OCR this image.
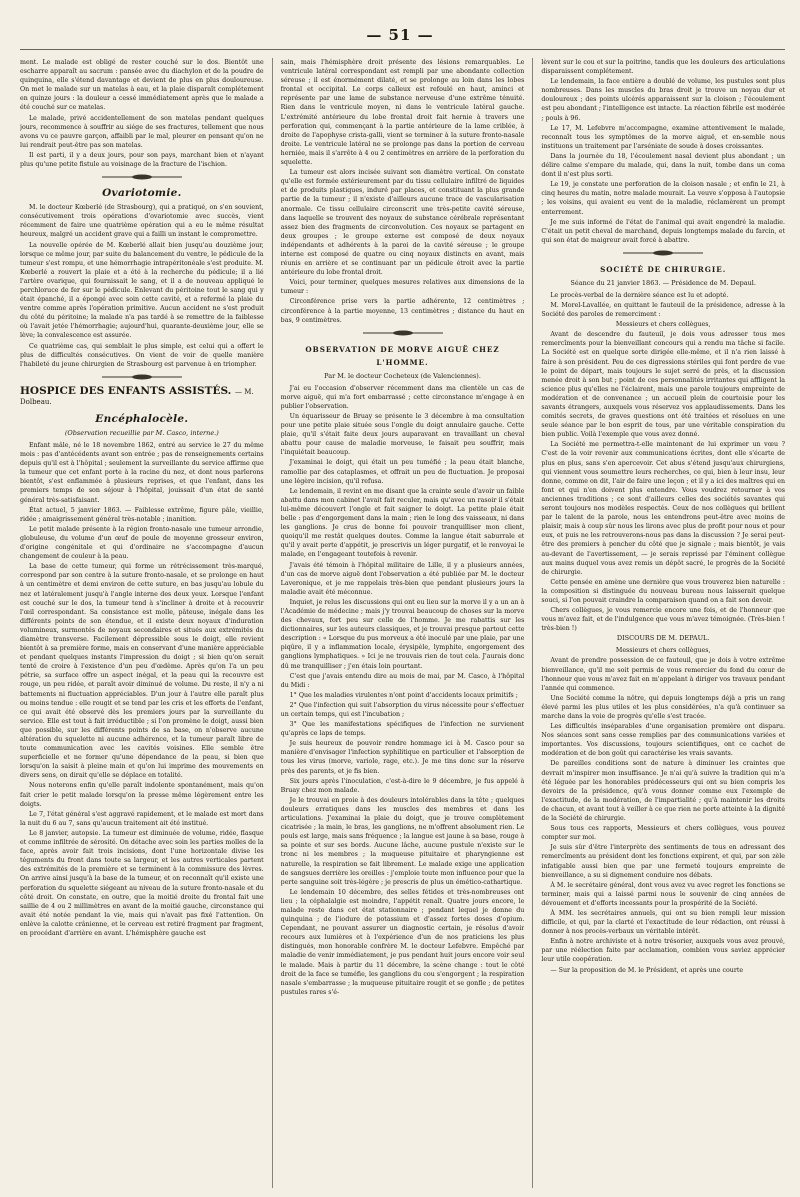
— 51 —

ment. Le malade est obligé de rester couché sur le dos. Bientôt une escharre apparaît au sacrum : pansée avec du diachylon et de la poudre de quinquina, elle s'étend davantage et devient de plus en plus douloureuse. On met le malade sur un matelas à eau, et la plaie disparaît complétement en quinze jours : la douleur a cessé immédiatement après que le malade a été couché sur ce matelas.

Le malade, privé accidentellement de son matelas pendant quelques jours, recommence à souffrir au siége de ses fractures, tellement que nous avons vu ce pauvre garçon, affaibli par le mal, pleurer en pensant qu'on ne lui rendrait peut-être pas son matelas.

Il est parti, il y a deux jours, pour son pays, marchant bien et n'ayant plus qu'une petite fistule au voisinage de la fracture de l'ischion.

Ovariotomie.

M. le docteur Kœberlé (de Strasbourg), qui a pratiqué, on s'en souvient, consécutivement trois opérations d'ovariotomie avec succès, vient récemment de faire une quatrième opération qui a eu le même résultat heureux, malgré un accident grave qui a failli un instant le compromettre.

La nouvelle opérée de M. Kœberlé allait bien jusqu'au douzième jour, lorsque ce même jour, par suite du balancement du ventre, le pédicule de la tumeur s'est rompu, et une hémorrhagie intrapéritonéale s'est produite. M. Kœberlé a rouvert la plaie et a été à la recherche du pédicule; il a lié l'artère ovarique, qui fournissait le sang, et il a de nouveau appliqué le perchloruce de fer sur le pédicule. Enlevant du péritoine tout le sang qui y était épanché, il a épongé avec soin cette cavité, et a refermé la plaie du ventre comme après l'opération primitive. Aucun accident ne s'est produit du côté du péritoine; la malade n'a pas tardé à se remettre de la faiblesse où l'avait jetée l'hémorrhagie; aujourd'hui, quarante-deuxième jour, elle se lève; la convalescence est assurée.

Ce quatrième cas, qui semblait le plus simple, est celui qui a offert le plus de difficultés consécutives. On vient de voir de quelle manière l'habileté du jeune chirurgien de Strasbourg est parvenue à en triompher.

HOSPICE DES ENFANTS ASSISTÉS. — M. Dolbeau.
Encéphalocèle.
(Observation recueillie par M. Casco, interne.)

Enfant mâle, né le 18 novembre 1862, entré au service le 27 du même mois : pas d'antécédents avant son entrée ; pas de renseignements certains depuis qu'il est à l'hôpital ; seulement la surveillante du service affirme que la tumeur que cet enfant porte à la racine du nez, et dont nous parlerons bientôt, s'est enflammée à plusieurs reprises, et que l'enfant, dans les premiers temps de son séjour à l'hôpital, jouissait d'un état de santé général très-satisfaisant.

État actuel, 5 janvier 1863. — Faiblesse extrême, figure pâle, vieillie, ridée ; amaigrissement général très-notable ; inanition.

Le petit malade présente à la région fronto-nasale une tumeur arrondie, globuleuse, du volume d'un œuf de poule de moyenne grosseur environ, d'origine congénitale et qui d'ordinaire ne s'accompagne d'aucun changement de couleur à la peau.

La base de cette tumeur, qui forme un rétrécissement très-marqué, correspond par son centre à la suture fronto-nasale, et se prolonge en haut à un centimètre et demi environ de cette suture, en bas jusqu'au lobule du nez et latéralement jusqu'à l'angle interne des deux yeux. Lorsque l'enfant est couché sur le dos, la tumeur tend à s'incliner à droite et à recouvrir l'œil correspondant. Sa consistance est molle, pâteuse, inégale dans les différents points de son étendue, et il existe deux noyaux d'induration volumineux, surmontés de noyaux secondaires et situés aux extrémités du diamètre transverse. Facilement dépressible sous le doigt, elle revient bientôt à sa première forme, mais en conservant d'une manière appréciable et pendant quelques instants l'impression du doigt ; si bien qu'on serait tenté de croire à l'existence d'un peu d'œdème. Après qu'on l'a un peu pétrie, sa surface offre un aspect inégal, et la peau qui la recouvre est rouge, un peu ridée, et paraît avoir diminué de volume. Du reste, il n'y a ni battements ni fluctuation appréciables. D'un jour à l'autre elle paraît plus ou moins tendue : elle rougit et se tend par les cris et les efforts de l'enfant, ce qui avait été observé dès les premiers jours par la surveillante du service. Elle est tout à fait irréductible ; si l'on promène le doigt, aussi bien que possible, sur les différents points de sa base, on n'observe aucune altération du squelette ni aucune adhérence, et la tumeur paraît libre de toute communication avec les cavités voisines. Elle semble être superficielle et ne former qu'une dépendance de la peau, si bien que lorsqu'on la saisit à pleine main et qu'on lui imprime des mouvements en divers sens, on dirait qu'elle se déplace en totalité.

Nous noterons enfin qu'elle paraît indolente spontanément, mais qu'on fait crier le petit malade lorsqu'on la presse même légèrement entre les doigts.

Le 7, l'état général s'est aggravé rapidement, et le malade est mort dans la nuit du 6 au 7, sans qu'aucun traitement ait été institué.

Le 8 janvier, autopsie. La tumeur est diminuée de volume, ridée, flasque et comme infiltrée de sérosité. On détache avec soin les parties molles de la face, après avoir fait trois incisions, dont l'une horizontale divise les téguments du front dans toute sa largeur, et les autres verticales partent des extrémités de la première et se terminent à la commissure des lèvres. On arrive ainsi jusqu'à la base de la tumeur, et on reconnaît qu'il existe une perforation du squelette siégeant au niveau de la suture fronto-nasale et du côté droit. On constate, en outre, que la moitié droite du frontal fait une saillie de 4 ou 2 millimètres en avant de la moitié gauche, circonstance qui avait été notée pendant la vie, mais qui n'avait pas fixé l'attention. On enlève la calotte crânienne, et le cerveau est retiré fragment par fragment, en procédant d'arrière en avant. L'hémisphère gauche est

sain, mais l'hémisphère droit présente des lésions remarquables. Le ventricule latéral correspondant est rempli par une abondante collection séreuse ; il est énormément dilaté, et se prolonge au loin dans les lobes frontal et occipital. Le corps calleux est refoulé en haut, aminci et représente par une lame de substance nerveuse d'une extrême ténuité. Rien dans le ventricule moyen, ni dans le ventricule latéral gauche. L'extrémité antérieure du lobe frontal droit fait hernie à travers une perforation qui, commençant à la partie antérieure de la lame criblée, à droite de l'apophyse crista-galli, vient se terminer à la suture fronto-nasale droite. Le ventricule latéral ne se prolonge pas dans la portion de cerveau herniée, mais il s'arrête à 4 ou 2 centimètres en arrière de la perforation du squelette.

La tumeur est alors incisée suivant son diamètre vertical. On constate qu'elle est formée extérieurement par du tissu cellulaire infiltré de liquides et de produits plastiques, induré par places, et constituant la plus grande partie de la tumeur ; il n'existe d'ailleurs aucune trace de vascularisation anormale. Ce tissu cellulaire circonscrit une très-petite cavité séreuse, dans laquelle se trouvent des noyaux de substance cérébrale représentant assez bien des fragments de circonvolution. Ces noyaux se partagent en deux groupes ; le groupe externe est composé de deux noyaux indépendants et adhérents à la paroi de la cavité séreuse ; le groupe interne est composé de quatre ou cinq noyaux distincts en avant, mais réunis en arrière et se continuant par un pédicule étroit avec la partie antérieure du lobe frontal droit.

Voici, pour terminer, quelques mesures relatives aux dimensions de la tumeur :

Circonférence prise vers la partie adhérente, 12 centimètres ; circonférence à la partie moyenne, 13 centimètres ; distance du haut en bas, 9 centimètres.

OBSERVATION DE MORVE AIGUË CHEZ L'HOMME.
Par M. le docteur Cocheteux (de Valenciennes).

J'ai eu l'occasion d'observer récemment dans ma clientèle un cas de morve aiguë, qui m'a fort embarrassé ; cette circonstance m'engage à en publier l'observation.

Un équarisseur de Bruay se présente le 3 décembre à ma consultation pour une petite plaie située sous l'ongle du doigt annulaire gauche. Cette plaie, qu'il s'était faite deux jours auparavant en travaillant un cheval abattu pour cause de maladie morveuse, le faisait peu souffrir, mais l'inquiétait beaucoup.

J'examinai le doigt, qui était un peu tuméfié ; la peau était blanche, ramollie par des cataplasmes, et offrait un peu de fluctuation. Je proposai une légère incision, qu'il refusa.

Le lendemain, il revint en me disant que la crainte seule d'avoir un faible abattu dans mon cabinet l'avait fait reculer, mais qu'avec un rasoir il s'était lui-même découvert l'ongle et fait saigner le doigt. La petite plaie était belle : pas d'engorgement dans la main ; rien le long des vaisseaux, ni dans les ganglions. Je crus de bonne foi pouvoir tranquilliser mon client, quoiqu'il me restât quelques doutes. Comme la langue était saburrale et qu'il y avait perte d'appétit, je prescrivis un léger purgatif, et le renvoyai le malade, en l'engageant toutefois à revenir.

J'avais été témoin à l'hôpital militaire de Lille, il y a plusieurs années, d'un cas de morve aiguë dont l'observation a été publiée par M. le docteur Laveronique, et je me rappelais très-bien que pendant plusieurs jours la maladie avait été méconnue.

Inquiet, je relus les discussions qui ont eu lieu sur la morve il y a un an à l'Académie de médecine ; mais j'y trouvai beaucoup de choses sur la morve des chevaux, fort peu sur celle de l'homme. Je me rabattis sur les dictionnaires, sur les auteurs classiques, et je trouvai presque partout cette description : « Lorsque du pus morveux a été inoculé par une plaie, par une piqûre, il y a inflammation locale, érysipèle, lymphite, engorgement des ganglions lymphatiques. » Ici je ne trouvais rien de tout cela. J'aurais donc dû me tranquilliser ; j'en étais loin pourtant.

C'est que j'avais entendu dire au mois de mai, par M. Casco, à l'hôpital du Midi :

1° Que les maladies virulentes n'ont point d'accidents locaux primitifs ;

2° Que l'infection qui suit l'absorption du virus nécessite pour s'effectuer un certain temps, qui est l'incubation ;

3° Que les manifestations spécifiques de l'infection ne survienent qu'après ce laps de temps.

Je suis heureux de pouvoir rendre hommage ici à M. Casco pour sa manière d'envisager l'infection syphilitique en particulier et l'absorption de tous les virus (morve, variole, rage, etc.). Je me tins donc sur la réserve près des parents, et je fis bien.

Six jours après l'inoculation, c'est-à-dire le 9 décembre, je fus appelé à Bruay chez mon malade.

Je le trouvai en proie à des douleurs intolérables dans la tête ; quelques douleurs erratiques dans les muscles des membres et dans les articulations. J'examinai la plaie du doigt, que je trouve complètement cicatrisée ; la main, le bras, les ganglions, ne m'offrent absolument rien. Le pouls est large, mais sans fréquence ; la langue est jaune à sa base, rouge à sa pointe et sur ses bords. Aucune lâche, aucune pustule n'existe sur le tronc ni les membres ; la muqueuse pituitaire et pharyngienne est naturelle, la respiration se fait librement. Le malade exige une application de sangsues derrière les oreilles : j'emploie toute mon influence pour que la perte sanguine soit très-légère ; je prescris de plus un émético-cathartique.

Le lendemain 10 décembre, des selles fétides et très-nombreuses ont lieu ; la céphalalgie est moindre, l'appétit renaît. Quatre jours encore, le malade reste dans cet état stationnaire ; pendant lequel je donne du quinquina ; de l'iodure de potassium et d'assez fortes doses d'opium. Cependant, ne pouvant assurer un diagnostic certain, je résolus d'avoir recours aux lumières et à l'expérience d'un de nos praticiens les plus distingués, mon honorable confrère M. le docteur Lefebvre. Empêché par maladie de venir immédiatement, je pus pendant huit jours encore voir seul le malade. Mais à partir du 11 décembre, la scène change : tout le côté droit de la face se tuméfie, les ganglions du cou s'engorgent ; la respiration nasale s'embarrasse ; la muqueuse pituitaire rougit et se gonfle ; de petites pustules rares s'é-

lèvent sur le cou et sur la poitrine, tandis que les douleurs des articulations disparaissent complétement.

Le lendemain, la face entière a doublé de volume, les pustules sont plus nombreuses. Dans les muscles du bras droit je trouve un noyau dur et douloureux ; des points ulcérés apparaissent sur la cloison ; l'écoulement est peu abondant ; l'intelligence est intacte. La réaction fébrile est modérée ; pouls à 96.

Le 17, M. Lefebvre m'accompagne, examine attentivement le malade, reconnaît tous les symptômes de la morve aiguë, et en-semble nous instituons un traitement par l'arséniate de soude à doses croissantes.

Dans la journée du 18, l'écoulement nasal devient plus abondant ; un délire calme s'empare du malade, qui, dans la nuit, tombe dans un coma dont il n'est plus sorti.

Le 19, je constate une perforation de la cloison nasale ; et enfin le 21, à cinq heures du matin, notre malade mourait. La veuve s'opposa à l'autopsie ; les voisins, qui avaient eu vent de la maladie, réclamèrent un prompt enterrement.

Je me suis informé de l'état de l'animal qui avait engendré la maladie. C'était un petit cheval de marchand, depuis longtemps malade du farcin, et qui son état de maigreur avait forcé à abattre.

SOCIÉTÉ DE CHIRURGIE.
Séance du 21 janvier 1863. — Présidence de M. Depaul.

Le procès-verbal de la dernière séance est lu et adopté.

M. Morel-Lavallée, en quittant le fauteuil de la présidence, adresse à la Société des paroles de remerciment :

Messieurs et chers collègues,

Avant de descendre du fauteuil, je dois vous adresser tous mes remercîments pour la bienveillant concours qui a rendu ma tâche si facile. La Société est en quelque sorte dirigée elle-même, et il n'a rien laissé à faire à son président. Peu de ces digressions stériles qui font perdre de vue le point de départ, mais toujours le sujet serré de près, et la discussion menée droit à son but ; point de ces personnalités irritantes qui affligent la science plus qu'elles ne l'éclairent, mais une parole toujours empreinte de modération et de convenance ; un accueil plein de courtoisie pour les savants étrangers, auxquels vous réservez vos applaudissements. Dans les comités secrets, de graves questions ont été traitées et résolues en une seule séance par le bon esprit de tous, par une véritable conspiration du bien public. Voilà l'exemple que vous avez donné.

La Société me permettra-t-elle maintenant de lui exprimer un vœu ? C'est de la voir revenir aux communications écrites, dont elle s'écarte de plus en plus, sans s'en apercevoir. Cet abus s'étend jusqu'aux chirurgiens, qui viennent vous soumettre leurs recherches, ce qui, bien à leur insu, leur donne, comme on dit, l'air de faire une leçon ; et il y a ici des maîtres qui en font et qui n'en doivent plus entendre. Vous voudrez retourner à vos anciennes traditions ; ce sont d'ailleurs celles des sociétés savantes qui seront toujours nos modèles respectés. Ceux de nos collègues qui brillent par le talent de la parole, nous les entendrons peut-être avec moins de plaisir, mais à coup sûr nous les lirons avec plus de profit pour nous et pour eux, et puis ne les retrouverons-nous pas dans la discussion ? Je serai peut-être des premiers à pencher du côté que je signale ; mais bientôt, je vais au-devant de l'avertissement, — je serais reprissé par l'éminent collègue aux mains duquel vous avez remis un dépôt sacré, le progrès de la Société de chirurgie.

Cette pensée en amène une dernière que vous trouverez bien naturelle : la composition si distinguée du nouveau bureau nous laisserait quelque souci, si l'on pouvait craindre la comparaison quand on a fait son devoir.

Chers collègues, je vous remercie encore une fois, et de l'honneur que vous m'avez fait, et de l'indulgence que vous m'avez témoignée. (Très-bien ! très-bien !)

DISCOURS DE M. DEPAUL.

Messieurs et chers collègues,

Avant de prendre possession de ce fauteuil, que je dois à votre extrême bienveillance, qu'il me soit permis de vous remercier du fond du cœur de l'honneur que vous m'avez fait en m'appelant à diriger vos travaux pendant l'année qui commence.

Une Société comme la nôtre, qui depuis longtemps déjà a pris un rang élevé parmi les plus utiles et les plus considérées, n'a qu'à continuer sa marche dans la voie de progrès qu'elle s'est tracée.

Les difficultés inséparables d'une organisation première ont disparu. Nos séances sont sans cesse remplies par des communications variées et importantes. Vos discussions, toujours scientifiques, ont ce cachet de modération et de bon goût qui caractérise les vrais savants.

De pareilles conditions sont de nature à diminuer les craintes que devrait m'inspirer mon insuffisance. Je n'ai qu'à suivre la tradition qui m'a été léguée par les honorables prédécesseurs qui ont su bien compris les devoirs de la présidence, qu'à vous donner comme eux l'exemple de l'exactitude, de la modération, de l'impartialité ; qu'à maintenir les droits de chacun, et avant tout à veiller à ce que rien ne porte atteinte à la dignité de la Société de chirurgie.

Sous tous ces rapports, Messieurs et chers collègues, vous pouvez compter sur moi.

Je suis sûr d'être l'interprète des sentiments de tous en adressant des remercîments au président dont les fonctions expirent, et qui, par son zèle infatigable aussi bien que par une fermeté toujours empreinte de bienveillance, a su si dignement conduire nos débats.

À M. le secrétaire général, dont vous avez vu avec regret les fonctions se terminer, mais qui a laissé parmi nous le souvenir de cinq années de dévouement et d'efforts incessants pour la prospérité de la Société.

À MM. les secrétaires annuels, qui ont su bien rempli leur mission difficile, et qui, par la clarté et l'exactitude de leur rédaction, ont réussi à donner à nos procès-verbaux un véritable intérêt.

Enfin à notre archiviste et à notre trésorier, auxquels vous avez prouvé, par une réélection faite par acclamation, combien vous saviez apprécier leur utile coopération.

— Sur la proposition de M. le Président, et après une courte
